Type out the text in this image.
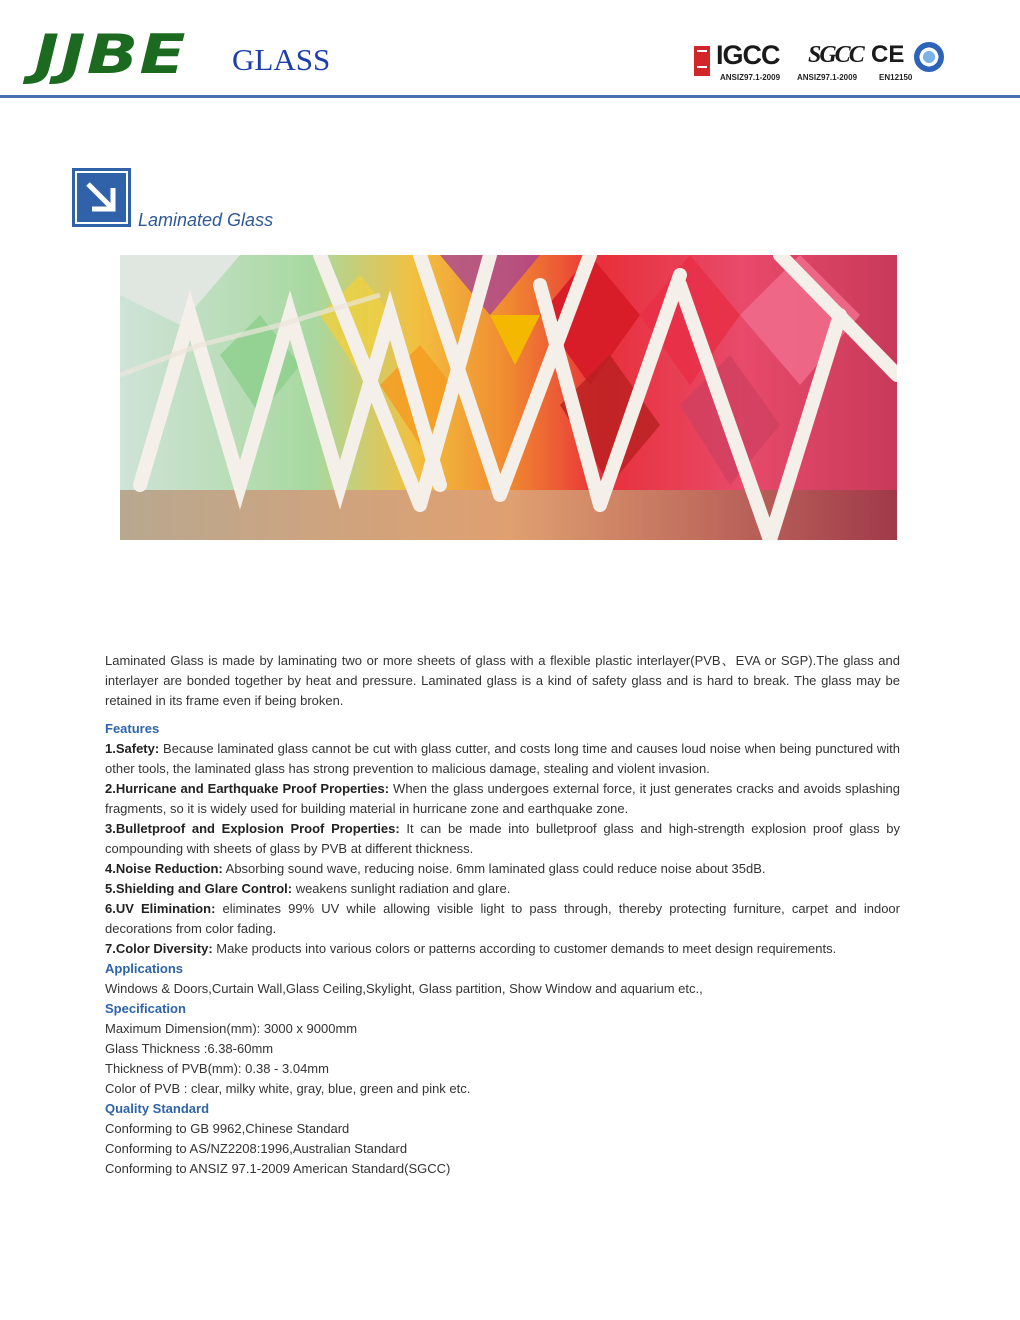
JJBE GLASS	IGCC SGCC CE
ANSIZ97.1-2009 ANSIZ97.1-2009	EN12150
Laminated Glass

Laminated Glass is made by laminating two or more sheets of glass with a flexible plastic interlayer(PVB、EVA or SGP).The glass and interlayer are bonded together by heat and pressure. Laminated glass is a kind of safety glass and is hard to break. The glass may be retained in its frame even if being broken.

Features

1.Safety: Because laminated glass cannot be cut with glass cutter, and costs long time and causes loud noise when being punctured with other tools, the laminated glass has strong prevention to malicious damage, stealing and violent invasion.

2.Hurricane and Earthquake Proof Properties: When the glass undergoes external force, it just generates cracks and avoids splashing fragments, so it is widely used for building material in hurricane zone and earthquake zone.

3.Bulletproof and Explosion Proof Properties: It can be made into bulletproof glass and high-strength explosion proof glass by compounding with sheets of glass by PVB at different thickness.

4.Noise Reduction: Absorbing sound wave, reducing noise. 6mm laminated glass could reduce noise about 35dB.

5.Shielding and Glare Control: weakens sunlight radiation and glare.

6.UV Elimination: eliminates 99% UV while allowing visible light to pass through, thereby protecting furniture, carpet and indoor decorations from color fading.

7.Color Diversity: Make products into various colors or patterns according to customer demands to meet design requirements.

Applications

Windows & Doors,Curtain Wall,Glass Ceiling,Skylight, Glass partition, Show Window and aquarium etc.,

Specification

Maximum Dimension(mm): 3000 x 9000mm

Glass Thickness :6.38-60mm

Thickness of PVB(mm): 0.38 - 3.04mm

Color of PVB : clear, milky white, gray, blue, green and pink etc.

Quality Standard

Conforming to GB 9962,Chinese Standard

Conforming to AS/NZ2208:1996,Australian Standard

Conforming to ANSIZ 97.1-2009 American Standard(SGCC)
